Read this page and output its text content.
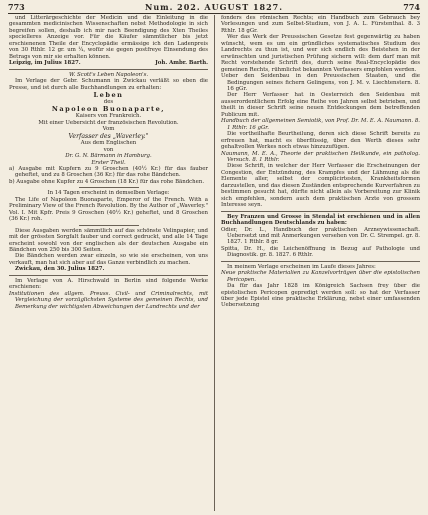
773	Num. 202. AUGUST 1827.	774

und Litterärgeschichte der Medicin und die Einleitung in die gesammten medicinischen Wissenschaften nebst Methodologie in sich begreifen sollen, deshalb ich mir nach Beendigung des Xten Theiles specielleres Anzeige vor. Für die Käufer sämmtlicher bis jetzt erschienenen Theile der Encyclopädie ermässige ich den Ladenpreis von 30 Rthlr. 12 gr. um ¼, wofür sie gegen postfreye Einsendung des Betrags von mir sie erhalten können.

Leipzig, im Julius 1827.	Joh. Ambr. Barth.

W. Scott's Leben Napoleon's.

Im Verlage der Gebr. Schumann in Zwickau verläßt so eben die Presse, und ist durch alle Buchhandlungen zu erhalten:

Leben

des

Napoleon Buonaparte,

Kaisers von Frankreich.

Mit einer Uebersicht der französischen Revolution.

Vom

Verfasser des „Waverley."

Aus dem Englischen

von

Dr. G. N. Bärmann in Hamburg.

Erster Theil.

a) Ausgabe mit Kupfern zu 9 Groschen (40½ Kr.) für das fauber geheftet, und zu 8 Groschen (36 Kr.) für das rohe Bändchen.

b) Ausgabe ohne Kupfer zu 4 Groschen (18 Kr.) für das rohe Bändchen.

In 14 Tagen erscheint in demselben Verlage:

The Life of Napoleon Buonaparte, Emperor of the French. With a Preliminary View of the French Revolution. By the Author of „Waverley." Vol. I. Mit Kpfr. Preis 9 Groschen (40½ Kr.) geheftet, und 8 Groschen (36 Kr.) roh.

Diese Ausgaben werden sämmtlich auf das schönste Velinpapier, und mit der grössten Sorgfalt fauber und correct gedruckt, und alle 14 Tage erscheint sowohl von der englischen als der deutschen Ausgabe ein Bändchen von 250 bis 300 Seiten.

Die Bändchen werden zwar einzeln, so wie sie erscheinen, von uns verkauft, man hat sich aber auf das Ganze verbindlich zu machen.

Zwickau, den 30. Julius 1827.

Im Verlage von A. Hirschwald in Berlin sind folgende Werke erschienen:

Institutionen des allgem. Preuss. Civil- und Criminalrechts, mit Vergleichung der vorzüglichsten Systeme des gemeinen Rechts, und Bemerkung der wichtigsten Abweichungen der Landrechts und der

fonders des römischen Rechts; ein Handbuch zum Gebrauch bey Vorlesungen und zum Selbst-Studium, von J. A. L. Fürstenthal. 8. 3 Rthlr. 18 gGr.

Wer das Werk der Preussischen Gesetze fest gegenwärtig zu haben wünscht, wem es um ein gründliches systematisches Studium des Landrechts zu thun ist, und wer sich endlich des Beistehen in der erwünschten und juristischen Prüfung sichern will: dem darf man mit Recht vorstehende Schrift des, durch seine Real-Encyclopädie des gemeinen Rechts, rühmlichst bekannten Verfassers empfohlen werden.

Ueber den Seidenbau in den Preussischen Staaten, und die Bedingungen seines fichern Gelingens, von J. M. v. Liechtenstern. 8. 16 gGr.

Der Herr Verfasser hat in Oesterreich den Seidenbau mit ausserordentlichem Erfolg eine Reihe von Jahren selbst betrieben, und theilt in dieser Schrift seine neuen Entdeckungen dem betreffenden Publicum mit.

Handbuch der allgemeinen Semiotik, von Prof. Dr. M. E. A. Naumann. 8. 1 Rthlr. 16 gGr.

Die vortheilhafte Beurtheilung, deren sich diese Schrift bereits zu erfreuen hat, macht es überflüssig, über den Werth dieses sehr gehaltvollen Werkes noch etwas hinzuzufügen.

Naumann, M. E. A., Theorie der praktischen Heilkunde, ein patholog. Versuch. 8. 1 Rthlr.

Diese Schrift, in welcher der Herr Verfasser die Erscheinungen der Congestion, der Entzündung, des Krampfes und der Lähmung als die Elemente aller, selbst der complicirtesten, Krankheitsformen darzustellen, und das diesen Zuständen entsprechende Kurverfahren zu bestimmen gesucht hat, dürfte nicht allein als Vorbereitung zur Klinik sich empfehlen, sondern auch dem praktischen Arzte von grossem Interesse seyn.

Bey Franzen und Grosse in Stendal ist erschienen und in allen Buchhandlungen Deutschlands zu haben:

Odier, Dr. L., Handbuch der praktischen Arzneywissenschaft. Uebersetzt und mit Anmerkungen versehen von Dr. C. Strempel. gr. 8. 1827. 1 Rthlr. 8 gr.

Spitta, Dr. H., die Leichenöffnung in Bezug auf Pathologie und Diagnostik. gr. 8. 1827. 6 Rthlr.

In meinem Verlage erscheinen im Laufe dieses Jahres:

Neue praktische Materialien zu Kanzelvorträgen über die epistolischen Pericopen.

Da für das Jahr 1828 im Königreich Sachsen frey über die epistolischen Pericopen gepredigt werden soll: so hat der Verfasser über jede Epistel eine praktische Erklärung, nebst einer umfassenden Uebersetzung
